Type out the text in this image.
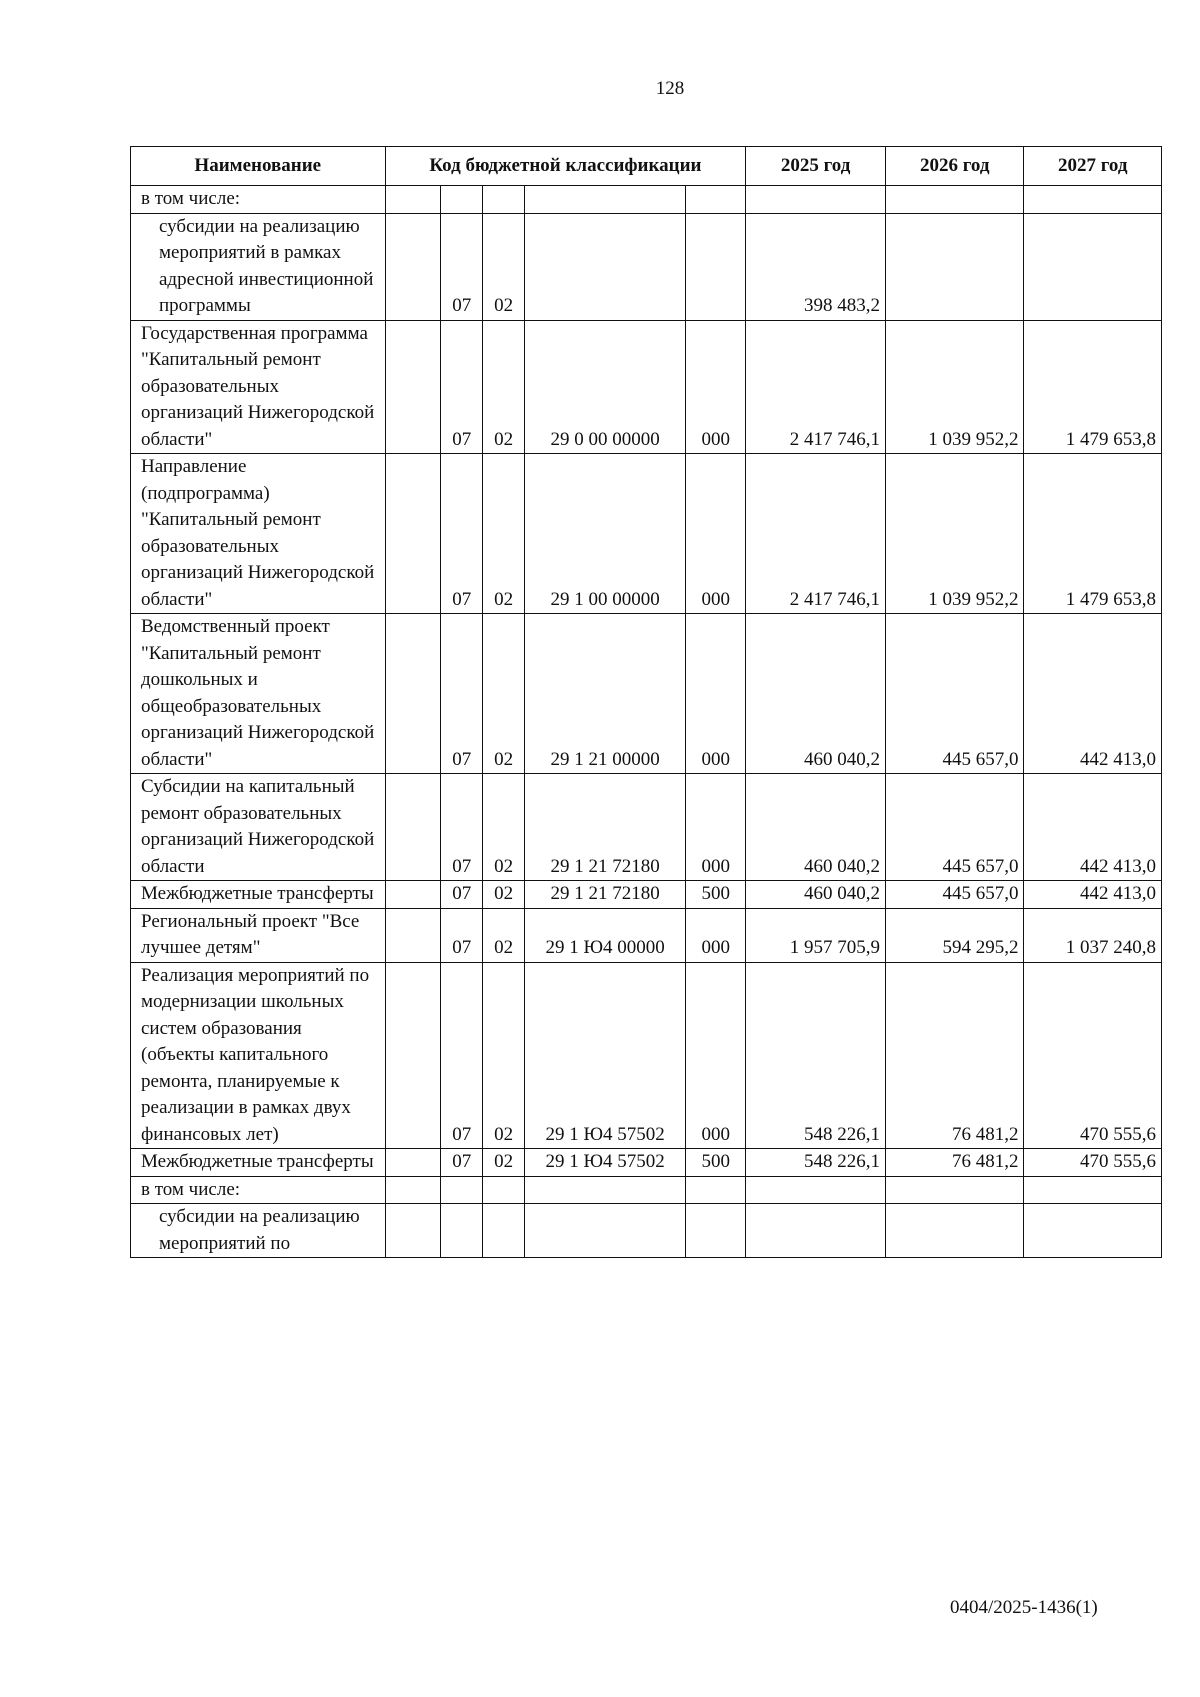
128
Наименование	Код бюджетной классификации					2025 год	2026 год	2027 год
в том числе:								
субсидии на реализацию мероприятий в рамках адресной инвестиционной программы		07	02			398 483,2		
Государственная программа "Капитальный ремонт образовательных организаций Нижегородской области"		07	02	29 0 00 00000	000	2 417 746,1	1 039 952,2	1 479 653,8
Направление (подпрограмма) "Капитальный ремонт образовательных организаций Нижегородской области"		07	02	29 1 00 00000	000	2 417 746,1	1 039 952,2	1 479 653,8
Ведомственный проект "Капитальный ремонт дошкольных и общеобразовательных организаций Нижегородской области"		07	02	29 1 21 00000	000	460 040,2	445 657,0	442 413,0
Субсидии на капитальный ремонт образовательных организаций Нижегородской области		07	02	29 1 21 72180	000	460 040,2	445 657,0	442 413,0
Межбюджетные трансферты		07	02	29 1 21 72180	500	460 040,2	445 657,0	442 413,0
Региональный проект "Все лучшее детям"		07	02	29 1 Ю4 00000	000	1 957 705,9	594 295,2	1 037 240,8
Реализация мероприятий по модернизации школьных систем образования (объекты капитального ремонта, планируемые к реализации в рамках двух финансовых лет)		07	02	29 1 Ю4 57502	000	548 226,1	76 481,2	470 555,6
Межбюджетные трансферты		07	02	29 1 Ю4 57502	500	548 226,1	76 481,2	470 555,6
в том числе:								
субсидии на реализацию мероприятий по								
0404/2025-1436(1)
